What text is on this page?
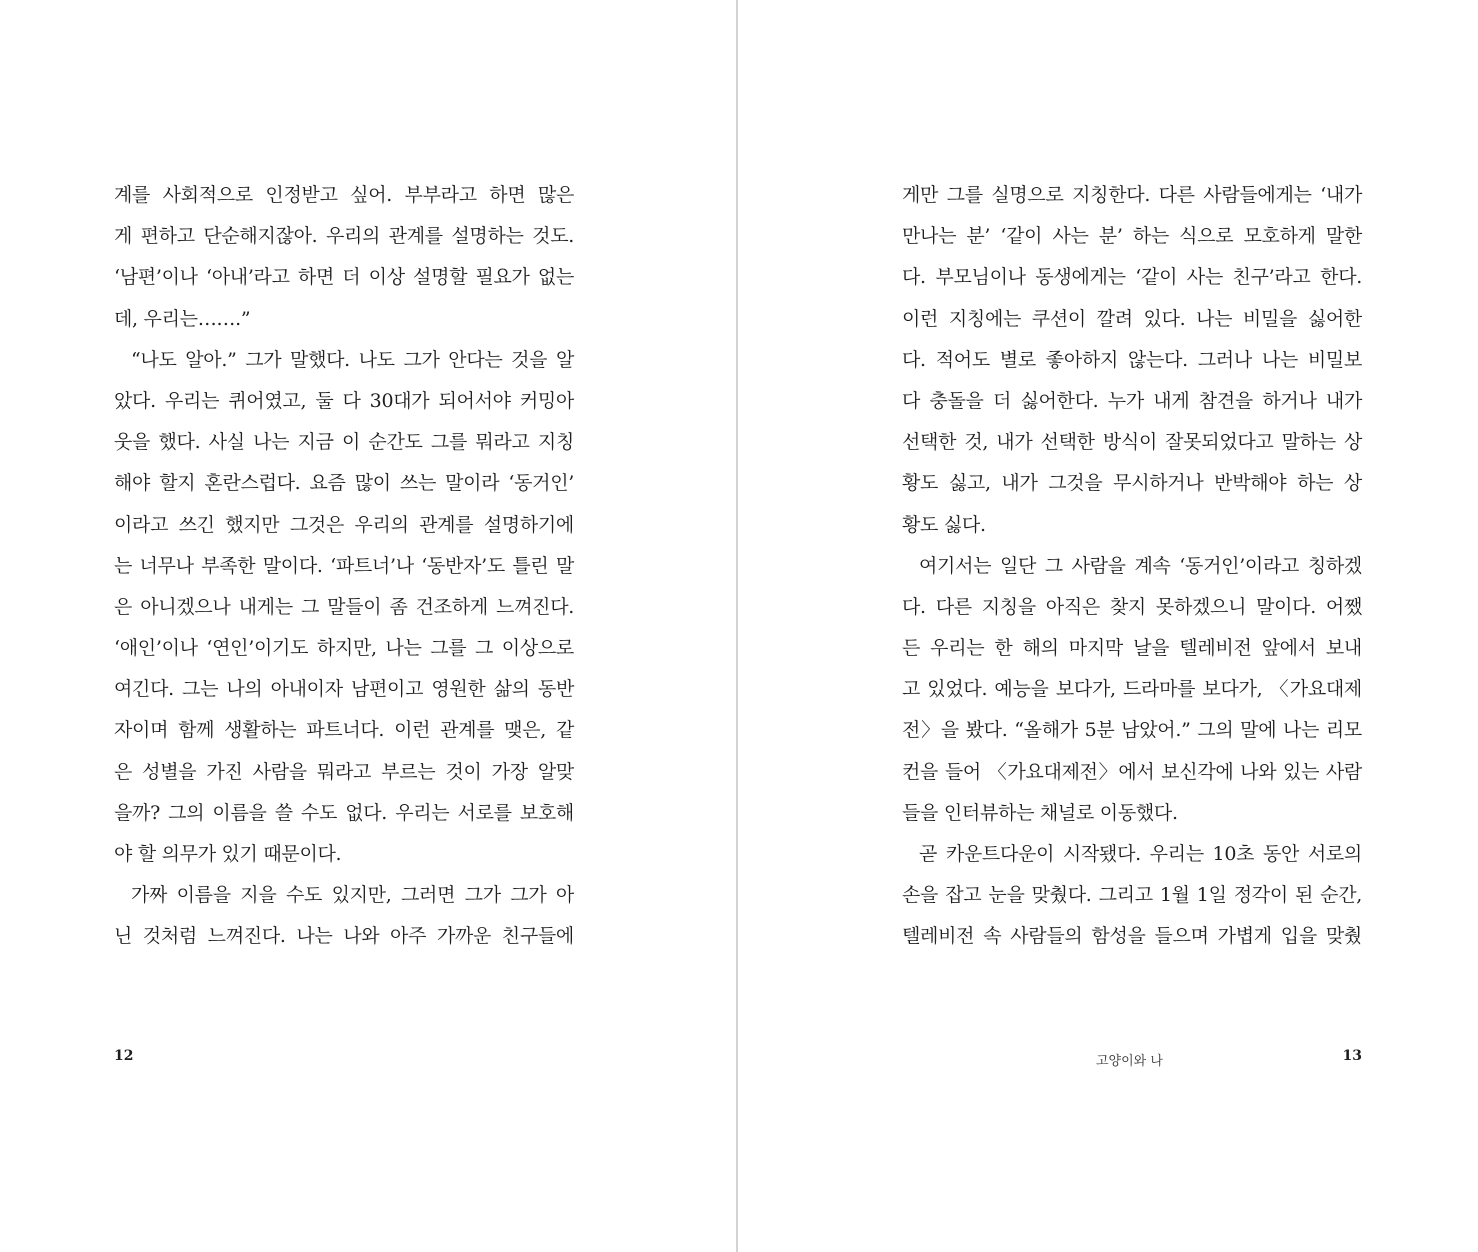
계를 사회적으로 인정받고 싶어. 부부라고 하면 많은
게 편하고 단순해지잖아. 우리의 관계를 설명하는 것도.
‘남편’이나 ‘아내’라고 하면 더 이상 설명할 필요가 없는
데, 우리는…….”
“나도 알아.” 그가 말했다. 나도 그가 안다는 것을 알
았다. 우리는 퀴어였고, 둘 다 30대가 되어서야 커밍아
웃을 했다. 사실 나는 지금 이 순간도 그를 뭐라고 지칭
해야 할지 혼란스럽다. 요즘 많이 쓰는 말이라 ‘동거인’
이라고 쓰긴 했지만 그것은 우리의 관계를 설명하기에
는 너무나 부족한 말이다. ‘파트너’나 ‘동반자’도 틀린 말
은 아니겠으나 내게는 그 말들이 좀 건조하게 느껴진다.
‘애인’이나 ‘연인’이기도 하지만, 나는 그를 그 이상으로
여긴다. 그는 나의 아내이자 남편이고 영원한 삶의 동반
자이며 함께 생활하는 파트너다. 이런 관계를 맺은, 같
은 성별을 가진 사람을 뭐라고 부르는 것이 가장 알맞
을까? 그의 이름을 쓸 수도 없다. 우리는 서로를 보호해
야 할 의무가 있기 때문이다.
가짜 이름을 지을 수도 있지만, 그러면 그가 그가 아
닌 것처럼 느껴진다. 나는 나와 아주 가까운 친구들에
12
게만 그를 실명으로 지칭한다. 다른 사람들에게는 ‘내가
만나는 분’ ‘같이 사는 분’ 하는 식으로 모호하게 말한
다. 부모님이나 동생에게는 ‘같이 사는 친구’라고 한다.
이런 지칭에는 쿠션이 깔려 있다. 나는 비밀을 싫어한
다. 적어도 별로 좋아하지 않는다. 그러나 나는 비밀보
다 충돌을 더 싫어한다. 누가 내게 참견을 하거나 내가
선택한 것, 내가 선택한 방식이 잘못되었다고 말하는 상
황도 싫고, 내가 그것을 무시하거나 반박해야 하는 상
황도 싫다.
여기서는 일단 그 사람을 계속 ‘동거인’이라고 칭하겠
다. 다른 지칭을 아직은 찾지 못하겠으니 말이다. 어쨌
든 우리는 한 해의 마지막 날을 텔레비전 앞에서 보내
고 있었다. 예능을 보다가, 드라마를 보다가, 〈가요대제
전〉을 봤다. “올해가 5분 남았어.” 그의 말에 나는 리모
컨을 들어 〈가요대제전〉에서 보신각에 나와 있는 사람
들을 인터뷰하는 채널로 이동했다.
곧 카운트다운이 시작됐다. 우리는 10초 동안 서로의
손을 잡고 눈을 맞췄다. 그리고 1월 1일 정각이 된 순간,
텔레비전 속 사람들의 함성을 들으며 가볍게 입을 맞췄
고양이와 나	13
